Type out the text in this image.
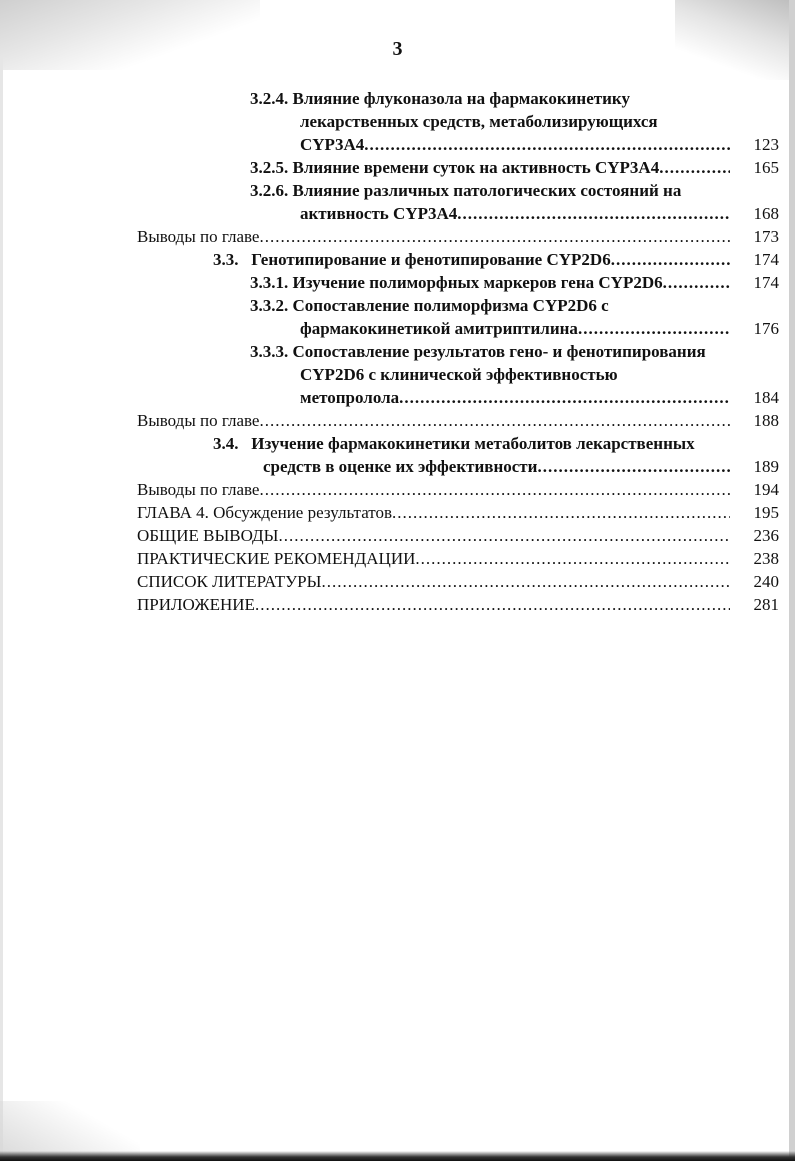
3
3.2.4. Влияние флуконазола на фармакокинетику
лекарственных средств, метаболизирующихся
CYP3A4 .....	123
3.2.5. Влияние времени суток на активность CYP3A4 .....	165
3.2.6. Влияние различных патологических состояний на
активность CYP3A4 .....	168
Выводы по главе .....	173
3.3. Генотипирование и фенотипирование CYP2D6 .....	174
3.3.1. Изучение полиморфных маркеров гена CYP2D6 .....	174
3.3.2. Сопоставление полиморфизма CYP2D6 с
фармакокинетикой амитриптилина .....	176
3.3.3. Сопоставление результатов гено- и фенотипирования
CYP2D6 с клинической эффективностью
метопролола .....	184
Выводы по главе .....	188
3.4. Изучение фармакокинетики метаболитов лекарственных
средств в оценке их эффективности .....	189
Выводы по главе .....	194
ГЛАВА 4. Обсуждение результатов .....	195
ОБЩИЕ ВЫВОДЫ .....	236
ПРАКТИЧЕСКИЕ РЕКОМЕНДАЦИИ .....	238
СПИСОК ЛИТЕРАТУРЫ .....	240
ПРИЛОЖЕНИЕ .....	281
